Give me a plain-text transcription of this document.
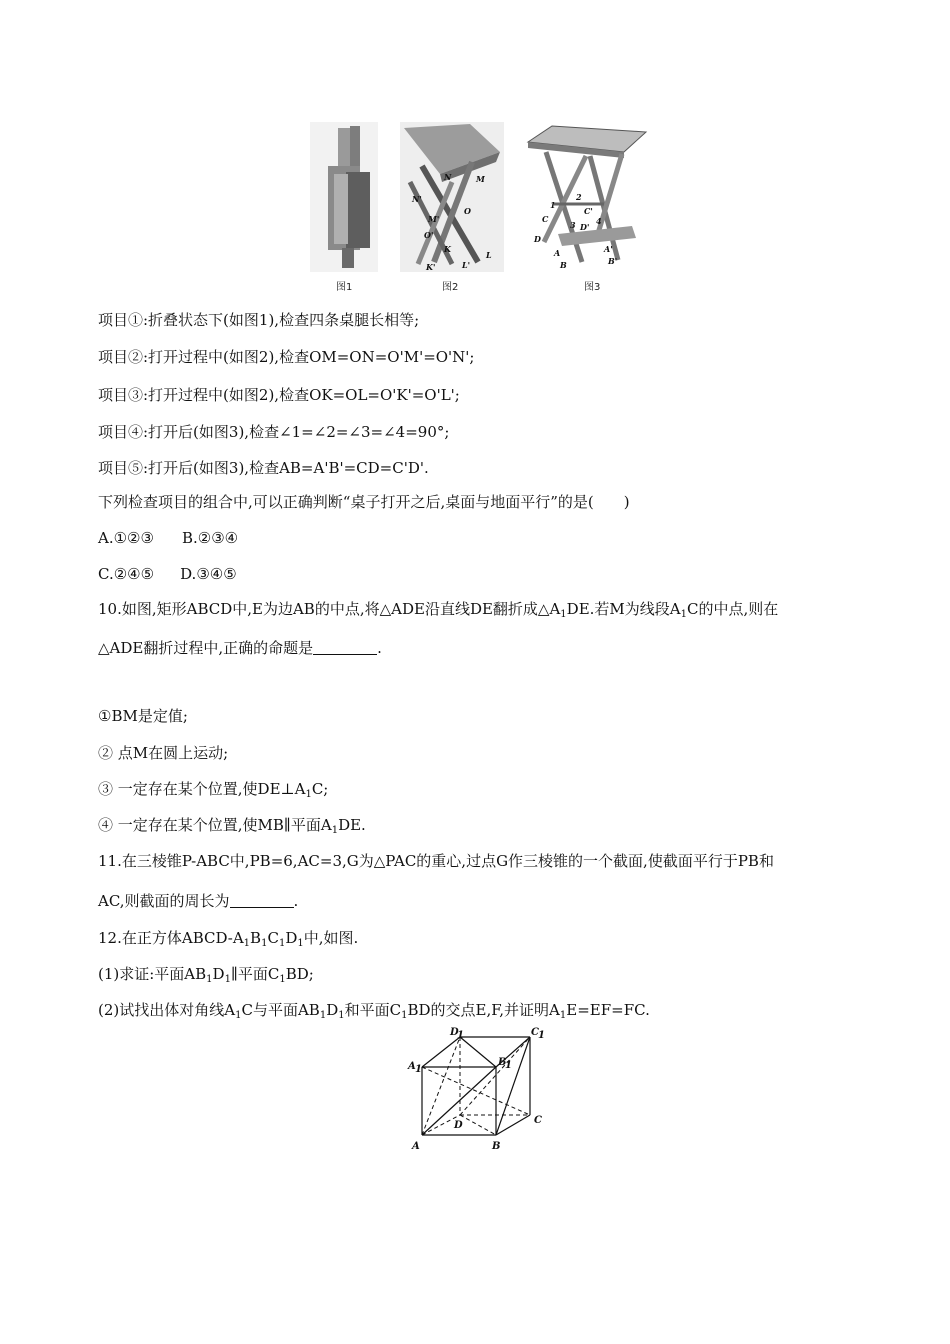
图1
N	M
N'
M'
O
O'
K
L
K'	L'
图2
1
2
3	4
C
C'
D
D'
A	A'
B	B'
图3
项目①:折叠状态下(如图1),检查四条桌腿长相等;
项目②:打开过程中(如图2),检查OM=ON=O'M'=O'N';
项目③:打开过程中(如图2),检查OK=OL=O'K'=O'L';
项目④:打开后(如图3),检查∠1=∠2=∠3=∠4=90°;
项目⑤:打开后(如图3),检查AB=A'B'=CD=C'D'.
下列检查项目的组合中,可以正确判断“桌子打开之后,桌面与地面平行”的是(　　)
A.①②③ B.②③④
C.②④⑤ D.③④⑤
10.如图,矩形ABCD中,E为边AB的中点,将△ADE沿直线DE翻折成$\triangle A_1DE$.若M为线段$A_1C$的中点,则在
△ADE翻折过程中,正确的命题是	.
①BM是定值;
② 点M在圆上运动;
③ 一定存在某个位置,使$DE\perp A_1C$;
④ 一定存在某个位置,使MB∥平面$A_1DE$.
11.在三棱锥P-ABC中,PB=6,AC=3,G为△PAC的重心,过点G作三棱锥的一个截面,使截面平行于PB和
AC,则截面的周长为	.
12.在正方体ABCD-$A_1B_1C_1D_1$中,如图.
(1)求证:平面$AB_1D_1\parallel$平面$C_1BD$;
(2)试找出体对角线$A_1C$与平面$AB_1D_1$和平面$C_1BD$的交点E,F,并证明$A_1E=EF=FC$.
A	B
C
D
A 1
B
1
C 1
D
1
